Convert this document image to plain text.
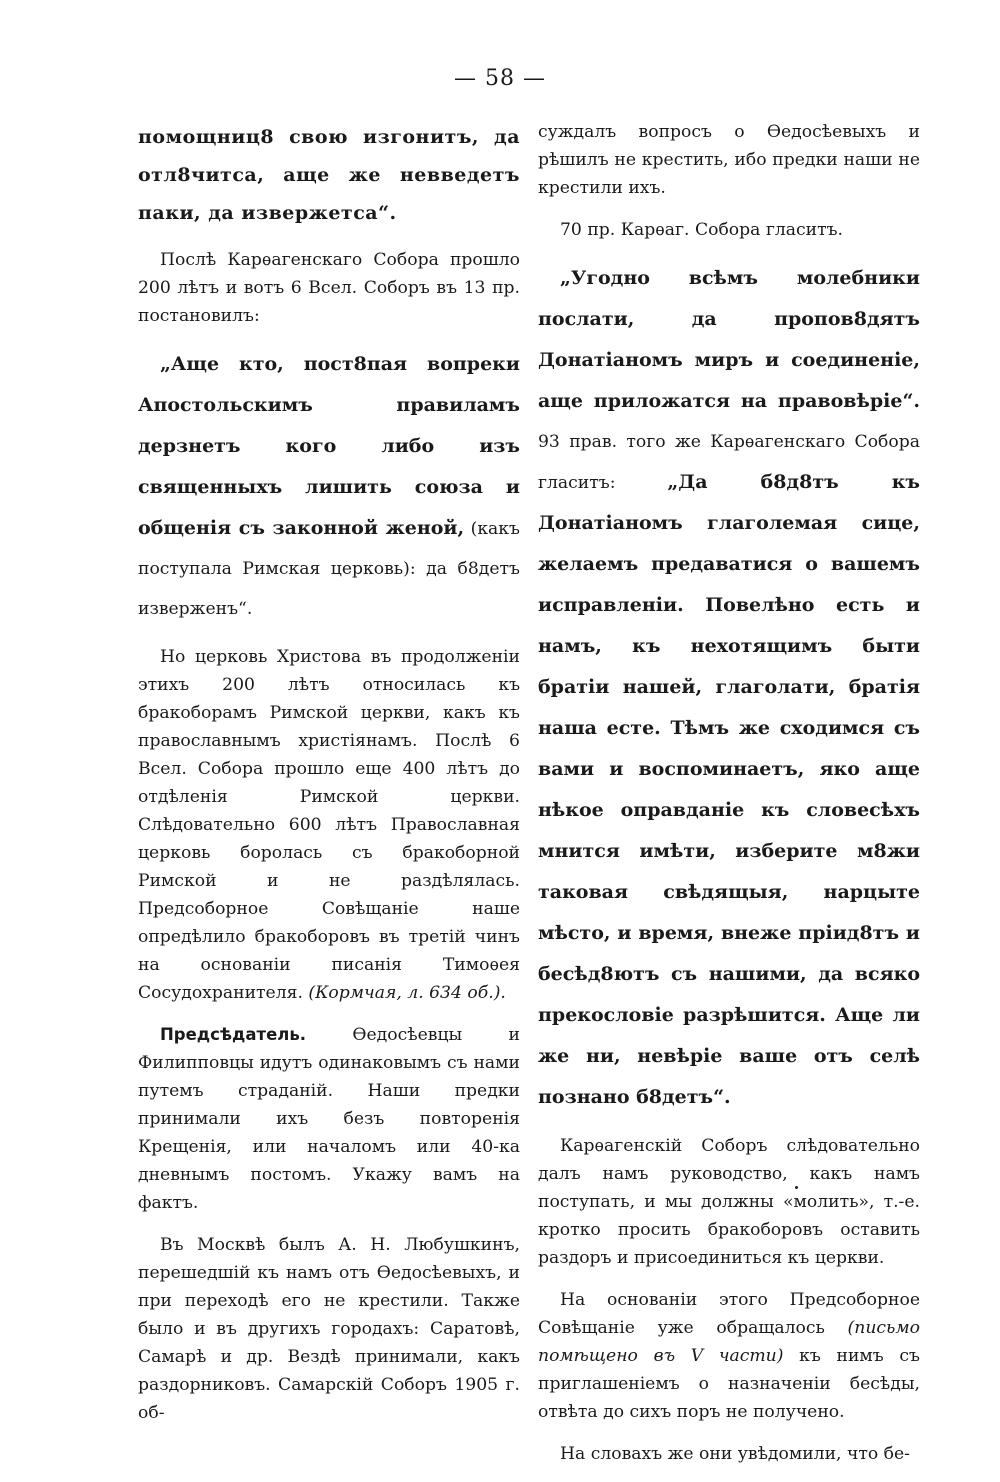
— 58 —

помощниц8 свою изгонитъ, да отл8читса, аще же невведетъ паки, да извержетса“.

Послѣ Карѳагенскаго Собора прошло 200 лѣтъ и вотъ 6 Всел. Соборъ въ 13 пр. постановилъ:

„Аще кто, пост8пая вопреки Апостольскимъ правиламъ дерзнетъ кого либо изъ священныхъ лишить союза и общенія съ законной женой, (какъ поступала Римская церковь): да б8детъ изверженъ“.

Но церковь Христова въ продолженіи этихъ 200 лѣтъ относилась къ бракоборамъ Римской церкви, какъ къ православнымъ христіянамъ. Послѣ 6 Всел. Собора прошло еще 400 лѣтъ до отдѣленія Римской церкви. Слѣдовательно 600 лѣтъ Православная церковь боролась съ бракоборной Римской и не раздѣлялась. Предсоборное Совѣщаніе наше опредѣлило бракоборовъ въ третій чинъ на основаніи писанія Тимоѳея Сосудохранителя. (Кормчая, л. 634 об.).

Предсѣдатель. Ѳедосѣевцы и Филипповцы идутъ одинаковымъ съ нами путемъ страданій. Наши предки принимали ихъ безъ повторенія Крещенія, или началомъ или 40-ка дневнымъ постомъ. Укажу вамъ на фактъ.

Въ Москвѣ былъ А. Н. Любушкинъ, перешедшій къ намъ отъ Ѳедосѣевыхъ, и при переходѣ его не крестили. Также было и въ другихъ городахъ: Саратовѣ, Самарѣ и др. Вездѣ принимали, какъ раздорниковъ. Самарскій Соборъ 1905 г. об-

суждалъ вопросъ о Ѳедосѣевыхъ и рѣшилъ не крестить, ибо предки наши не крестили ихъ.

70 пр. Карѳаг. Собора гласитъ.

„Угодно всѣмъ молебники послати, да пропов8дятъ Донатіаномъ миръ и соединеніе, аще приложатся на правовѣріе“. 93 прав. того же Карѳагенскаго Собора гласитъ: „Да б8д8тъ къ Донатіаномъ глаголемая сице, желаемъ предаватися о вашемъ исправленіи. Повелѣно есть и намъ, къ нехотящимъ быти братіи нашей, глаголати, братія наша есте. Тѣмъ же сходимся съ вами и воспоминаетъ, яко аще нѣкое оправданіе къ словесѣхъ мнится имѣти, изберите м8жи таковая свѣдящыя, нарцыте мѣсто, и время, внеже пріид8тъ и бесѣд8ютъ съ нашими, да всяко прекословіе разрѣшится. Аще ли же ни, невѣріе ваше отъ селѣ познано б8детъ“.

Карѳагенскій Соборъ слѣдовательно далъ намъ руководство, какъ намъ поступать, и мы должны «молить», т.-е. кротко просить бракоборовъ оставить раздоръ и присоединиться къ церкви.

На основаніи этого Предсоборное Совѣщаніе уже обращалось (письмо помѣщено въ V части) къ нимъ съ приглашеніемъ о назначеніи бесѣды, отвѣта до сихъ поръ не получено.

На словахъ же они увѣдомили, что бе-
